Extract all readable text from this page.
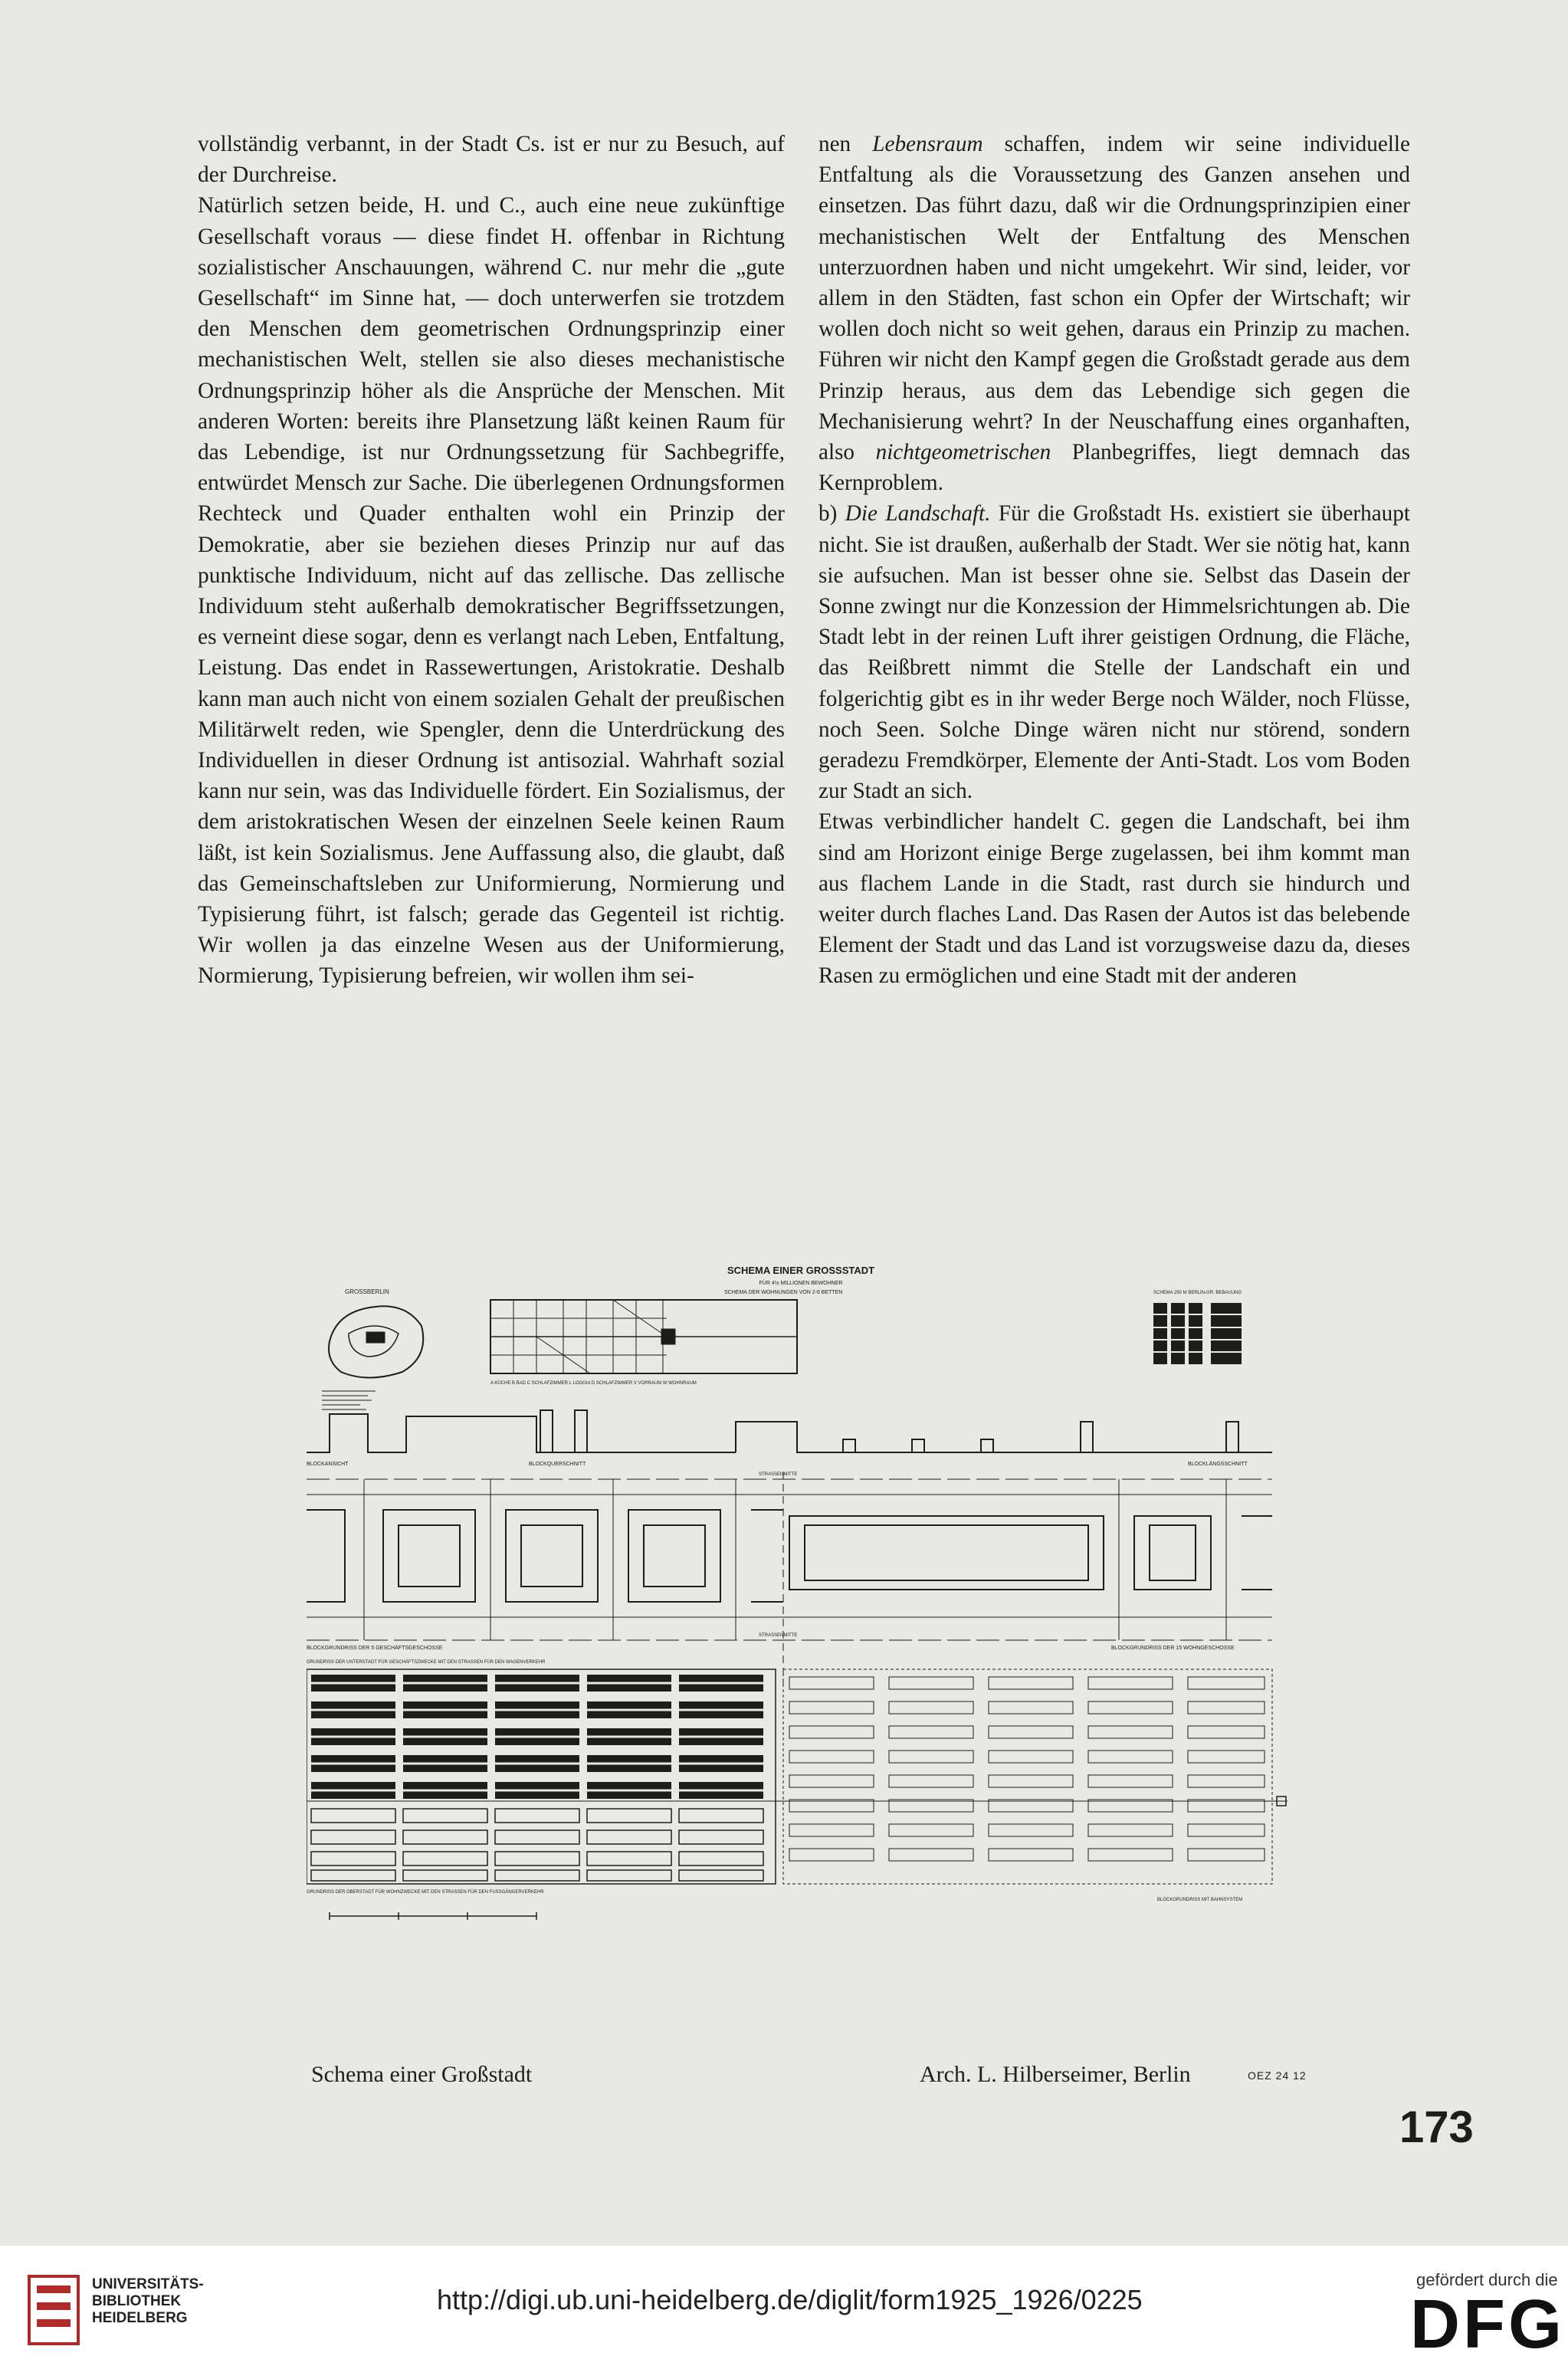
vollständig verbannt, in der Stadt Cs. ist er nur zu Besuch, auf der Durchreise.

Natürlich setzen beide, H. und C., auch eine neue zukünftige Gesellschaft voraus — diese findet H. offenbar in Richtung sozialistischer Anschauungen, während C. nur mehr die „gute Gesellschaft“ im Sinne hat, — doch unterwerfen sie trotzdem den Menschen dem geometrischen Ordnungsprinzip einer mechanistischen Welt, stellen sie also dieses mechanistische Ordnungsprinzip höher als die Ansprüche der Menschen. Mit anderen Worten: bereits ihre Plansetzung läßt keinen Raum für das Lebendige, ist nur Ordnungssetzung für Sachbegriffe, entwürdet Mensch zur Sache. Die überlegenen Ordnungsformen Rechteck und Quader enthalten wohl ein Prinzip der Demokratie, aber sie beziehen dieses Prinzip nur auf das punktische Individuum, nicht auf das zellische. Das zellische Individuum steht außerhalb demokratischer Begriffssetzungen, es verneint diese sogar, denn es verlangt nach Leben, Entfaltung, Leistung. Das endet in Rassewertungen, Aristokratie. Deshalb kann man auch nicht von einem sozialen Gehalt der preußischen Militärwelt reden, wie Spengler, denn die Unterdrückung des Individuellen in dieser Ordnung ist antisozial. Wahrhaft sozial kann nur sein, was das Individuelle fördert. Ein Sozialismus, der dem aristokratischen Wesen der einzelnen Seele keinen Raum läßt, ist kein Sozialismus. Jene Auffassung also, die glaubt, daß das Gemeinschaftsleben zur Uniformierung, Normierung und Typisierung führt, ist falsch; gerade das Gegenteil ist richtig. Wir wollen ja das einzelne Wesen aus der Uniformierung, Normierung, Typisierung befreien, wir wollen ihm sei-

nen Lebensraum schaffen, indem wir seine individuelle Entfaltung als die Voraussetzung des Ganzen ansehen und einsetzen. Das führt dazu, daß wir die Ordnungsprinzipien einer mechanistischen Welt der Entfaltung des Menschen unterzuordnen haben und nicht umgekehrt. Wir sind, leider, vor allem in den Städten, fast schon ein Opfer der Wirtschaft; wir wollen doch nicht so weit gehen, daraus ein Prinzip zu machen. Führen wir nicht den Kampf gegen die Großstadt gerade aus dem Prinzip heraus, aus dem das Lebendige sich gegen die Mechanisierung wehrt? In der Neuschaffung eines organhaften, also nichtgeometrischen Planbegriffes, liegt demnach das Kernproblem.

b) Die Landschaft. Für die Großstadt Hs. existiert sie überhaupt nicht. Sie ist draußen, außerhalb der Stadt. Wer sie nötig hat, kann sie aufsuchen. Man ist besser ohne sie. Selbst das Dasein der Sonne zwingt nur die Konzession der Himmelsrichtungen ab. Die Stadt lebt in der reinen Luft ihrer geistigen Ordnung, die Fläche, das Reißbrett nimmt die Stelle der Landschaft ein und folgerichtig gibt es in ihr weder Berge noch Wälder, noch Flüsse, noch Seen. Solche Dinge wären nicht nur störend, sondern geradezu Fremdkörper, Elemente der Anti-Stadt. Los vom Boden zur Stadt an sich.

Etwas verbindlicher handelt C. gegen die Landschaft, bei ihm sind am Horizont einige Berge zugelassen, bei ihm kommt man aus flachem Lande in die Stadt, rast durch sie hindurch und weiter durch flaches Land. Das Rasen der Autos ist das belebende Element der Stadt und das Land ist vorzugsweise dazu da, dieses Rasen zu ermöglichen und eine Stadt mit der anderen

SCHEMA EINER GROSSSTADT
FÜR 4½ MILLIONEN BEWOHNER
GROSSBERLIN	SCHEMA DER WOHNUNGEN VON 2-6 BETTEN
A KÜCHE B BAD C SCHLAFZIMMER L LOGGIA D SCHLAFZIMMER V VORRAUM W WOHNRAUM
SCHEMA 250 M BERLIN-GR. BEBAUUNG
BLOCKANSICHT	BLOCKQUERSCHNITT	BLOCKLÄNGSSCHNITT
STRASSENMITTE
STRASSENMITTE
BLOCKGRUNDRISS DER 5 GESCHÄFTSGESCHOSSE	BLOCKGRUNDRISS DER 15 WOHNGESCHOSSE
GRUNDRISS DER UNTERSTADT FÜR GESCHÄFTSZWECKE MIT DEN STRASSEN FÜR DEN WAGENVERKEHR
GRUNDRISS DER OBERSTADT FÜR WOHNZWECKE MIT DEN STRASSEN FÜR DEN FUSSGÄNGERVERKEHR
BLOCKGRUNDRISS MIT BAHNSYSTEM
Schema einer Großstadt	Arch. L. Hilberseimer, Berlin	OEZ 24 12
173
UNIVERSITÄTS-
BIBLIOTHEK
HEIDELBERG
http://digi.ub.uni-heidelberg.de/diglit/form1925_1926/0225
gefördert durch die
DFG
